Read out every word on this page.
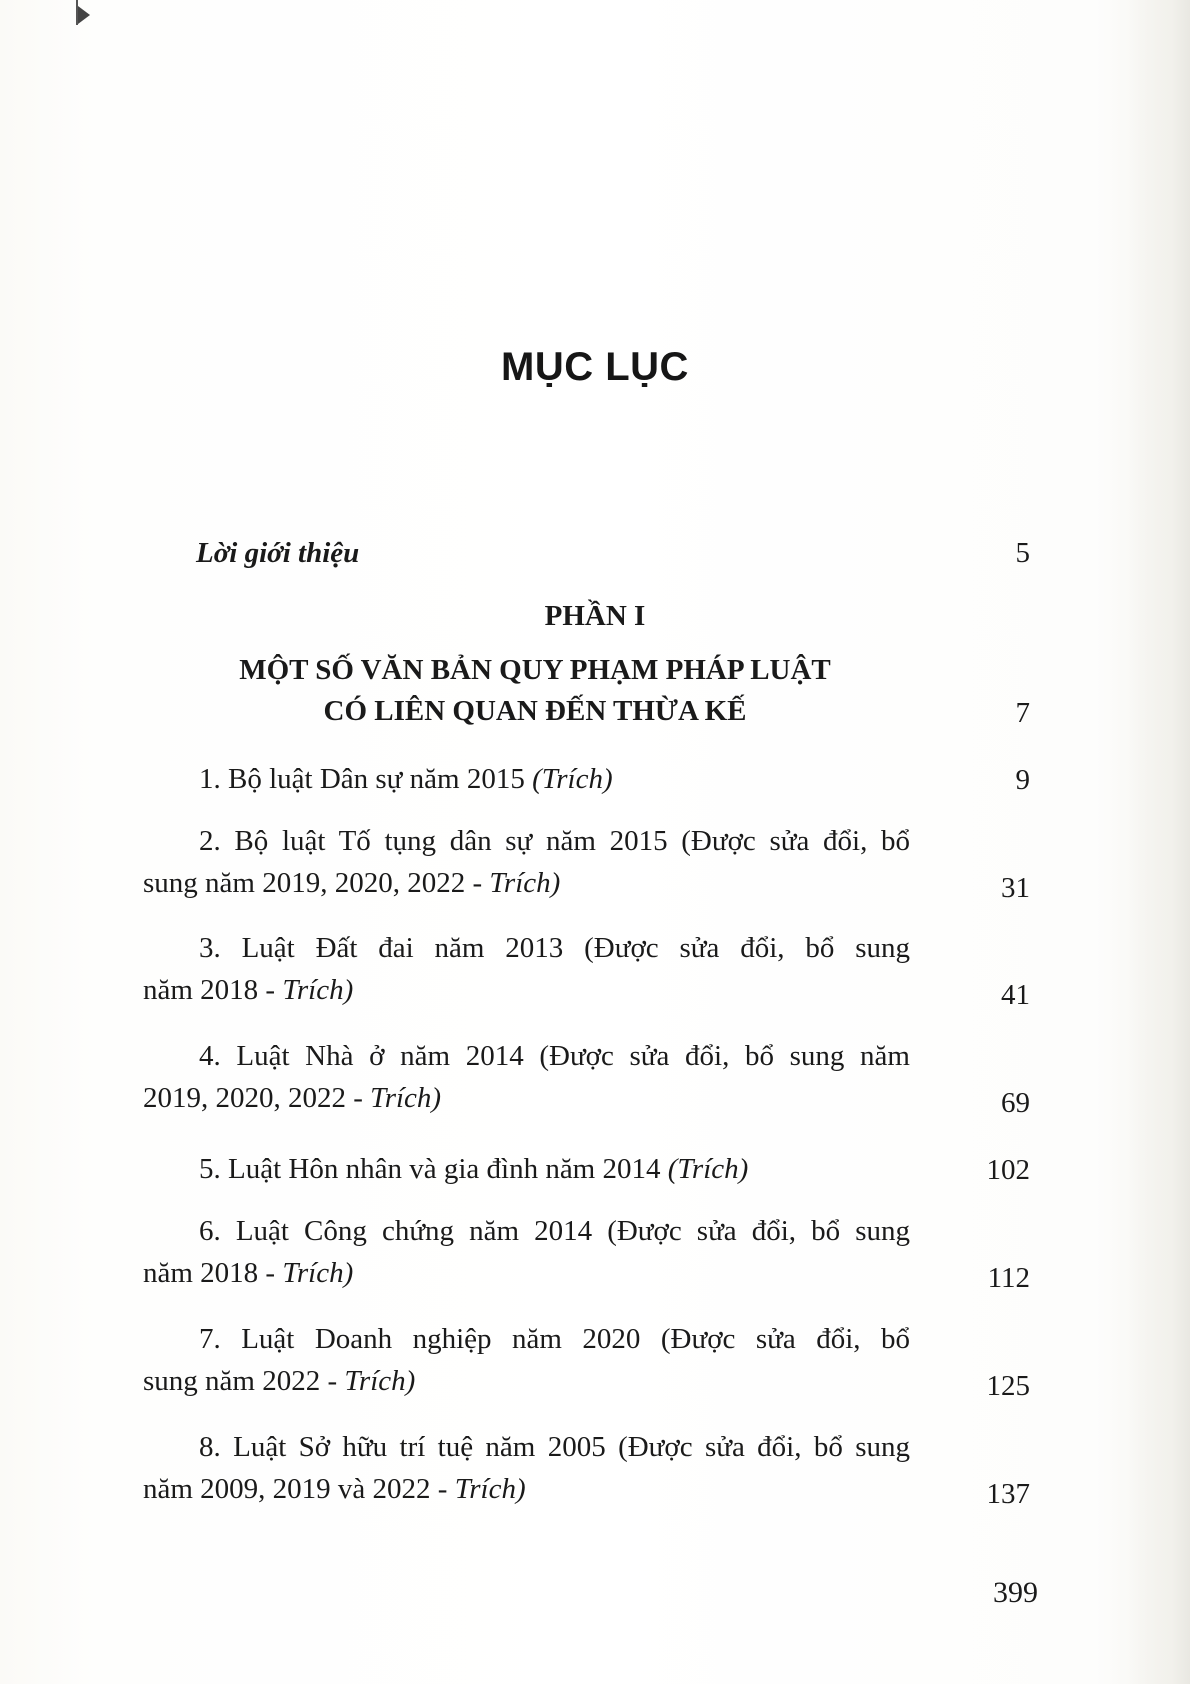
MỤC LỤC
Lời giới thiệu	5
PHẦN I
MỘT SỐ VĂN BẢN QUY PHẠM PHÁP LUẬT
CÓ LIÊN QUAN ĐẾN THỪA KẾ	7
1. Bộ luật Dân sự năm 2015 (Trích)	9
2. Bộ luật Tố tụng dân sự năm 2015 (Được sửa đổi, bổ
sung năm 2019, 2020, 2022 - Trích)	31
3. Luật Đất đai năm 2013 (Được sửa đổi, bổ sung
năm 2018 - Trích)	41
4. Luật Nhà ở năm 2014 (Được sửa đổi, bổ sung năm
2019, 2020, 2022 - Trích)	69
5. Luật Hôn nhân và gia đình năm 2014 (Trích)	102
6. Luật Công chứng năm 2014 (Được sửa đổi, bổ sung
năm 2018 - Trích)	112
7. Luật Doanh nghiệp năm 2020 (Được sửa đổi, bổ
sung năm 2022 - Trích)	125
8. Luật Sở hữu trí tuệ năm 2005 (Được sửa đổi, bổ sung
năm 2009, 2019 và 2022 - Trích)	137
399
